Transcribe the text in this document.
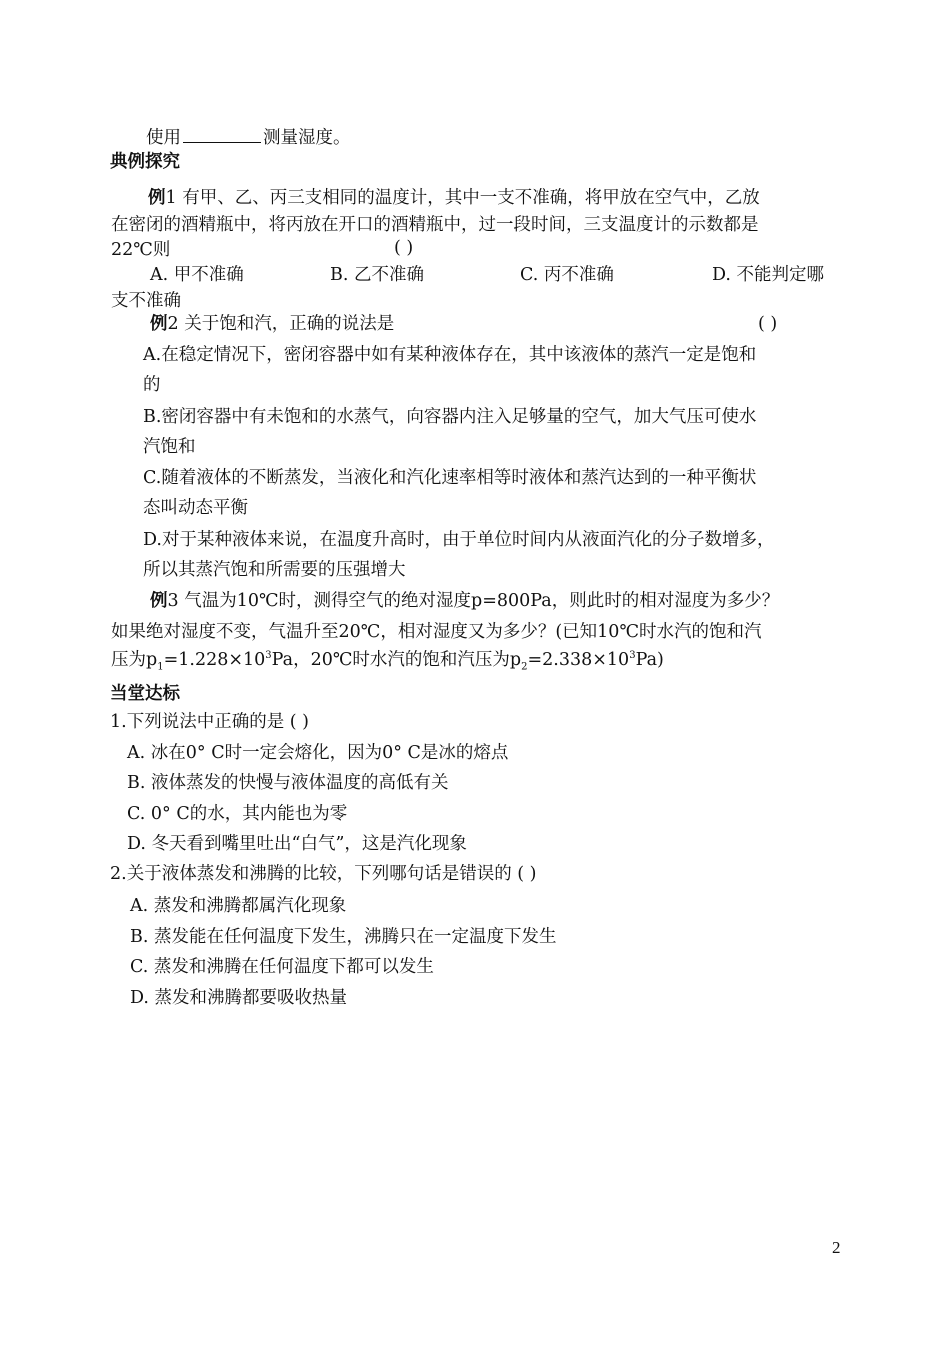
使用	测量湿度。
典例探究
例1 有甲、乙、丙三支相同的温度计，其中一支不准确，将甲放在空气中，乙放
在密闭的酒精瓶中，将丙放在开口的酒精瓶中，过一段时间，三支温度计的示数都是
22℃则	( )
A. 甲不准确	B. 乙不准确	C. 丙不准确	D. 不能判定哪
支不准确
例2 关于饱和汽，正确的说法是	( )
A.在稳定情况下，密闭容器中如有某种液体存在，其中该液体的蒸汽一定是饱和
的
B.密闭容器中有未饱和的水蒸气，向容器内注入足够量的空气，加大气压可使水
汽饱和
C.随着液体的不断蒸发，当液化和汽化速率相等时液体和蒸汽达到的一种平衡状
态叫动态平衡
D.对于某种液体来说，在温度升高时，由于单位时间内从液面汽化的分子数增多，
所以其蒸汽饱和所需要的压强增大
例3 气温为10℃时，测得空气的绝对湿度p=800Pa，则此时的相对湿度为多少？
如果绝对湿度不变，气温升至20℃，相对湿度又为多少？(已知10℃时水汽的饱和汽
压为$p_1=1.228\times 10^3Pa$，20℃时水汽的饱和汽压为$p_2=2.338\times 10^3Pa$)
当堂达标
1.下列说法中正确的是 ( )
A. 冰在0° C时一定会熔化，因为0° C是冰的熔点
B. 液体蒸发的快慢与液体温度的高低有关
C. 0° C的水，其内能也为零
D. 冬天看到嘴里吐出“白气”，这是汽化现象
2.关于液体蒸发和沸腾的比较，下列哪句话是错误的 ( )
A. 蒸发和沸腾都属汽化现象
B. 蒸发能在任何温度下发生，沸腾只在一定温度下发生
C. 蒸发和沸腾在任何温度下都可以发生
D. 蒸发和沸腾都要吸收热量
2
